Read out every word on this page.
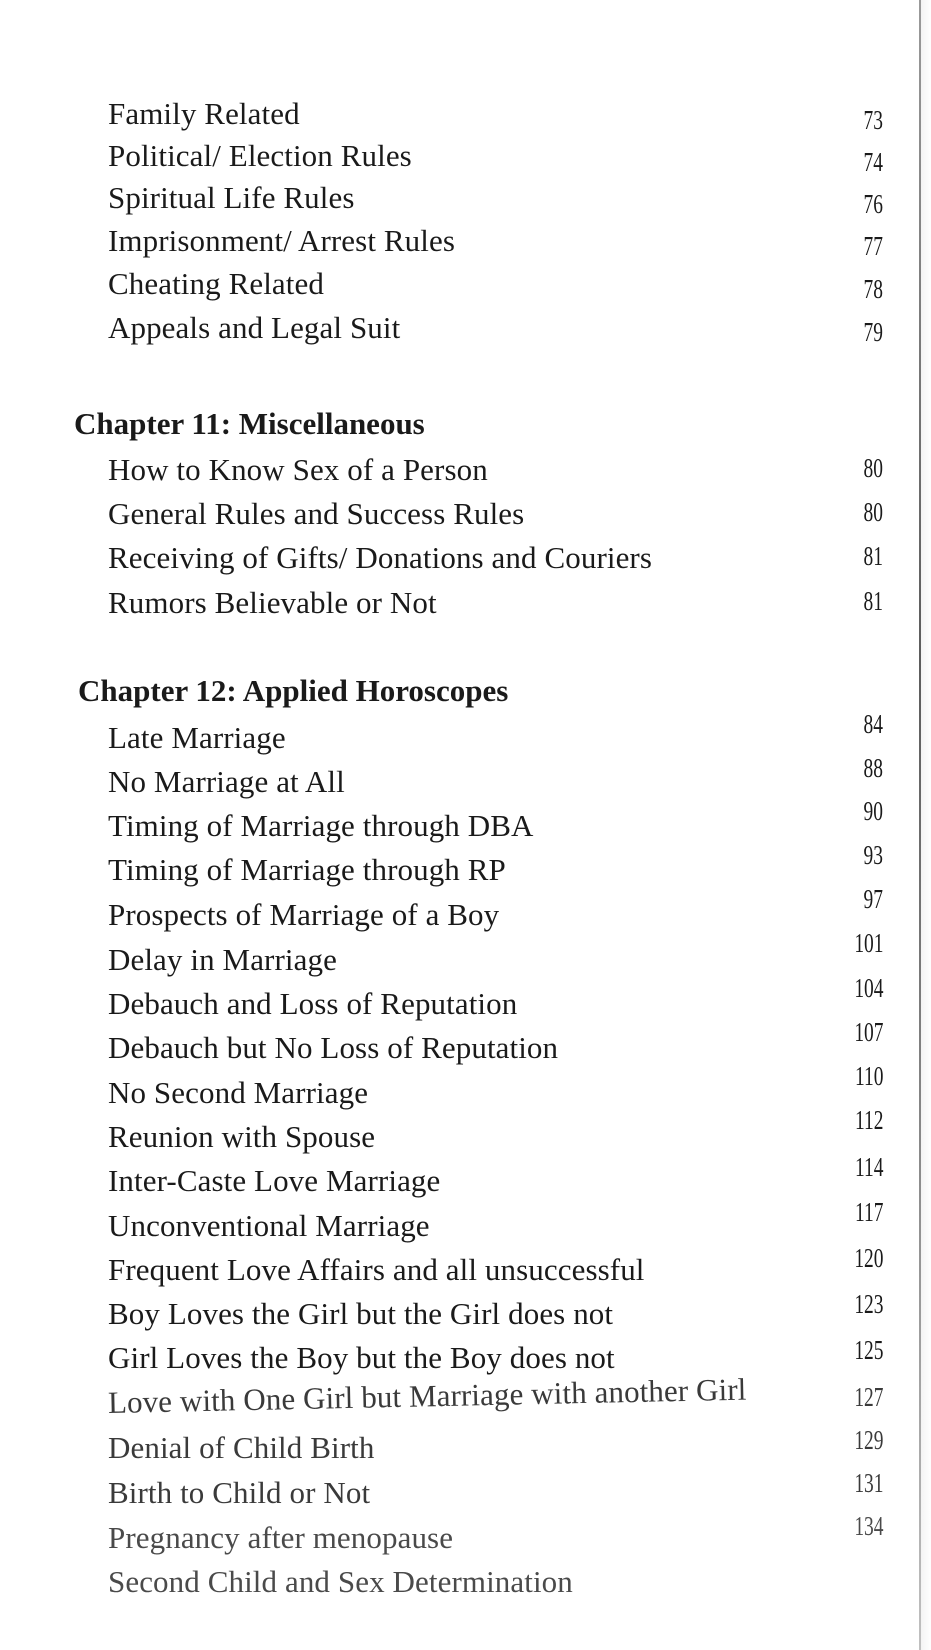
Family Related	73
Political/ Election Rules	74
Spiritual Life Rules	76
Imprisonment/ Arrest Rules	77
Cheating Related	78
Appeals and Legal Suit	79
Chapter 11: Miscellaneous
How to Know Sex of a Person	80
General Rules and Success Rules	80
Receiving of Gifts/ Donations and Couriers	81
Rumors Believable or Not	81
Chapter 12: Applied Horoscopes
Late Marriage	84
No Marriage at All	88
Timing of Marriage through DBA	90
Timing of Marriage through RP	93
Prospects of Marriage of a Boy	97
Delay in Marriage	101
Debauch and Loss of Reputation	104
Debauch but No Loss of Reputation	107
No Second Marriage	110
Reunion with Spouse	112
Inter-Caste Love Marriage	114
Unconventional Marriage	117
Frequent Love Affairs and all unsuccessful	120
Boy Loves the Girl but the Girl does not	123
Girl Loves the Boy but the Boy does not	125
Love with One Girl but Marriage with another Girl	127
Denial of Child Birth	129
Birth to Child or Not	131
Pregnancy after menopause	134
Second Child and Sex Determination
